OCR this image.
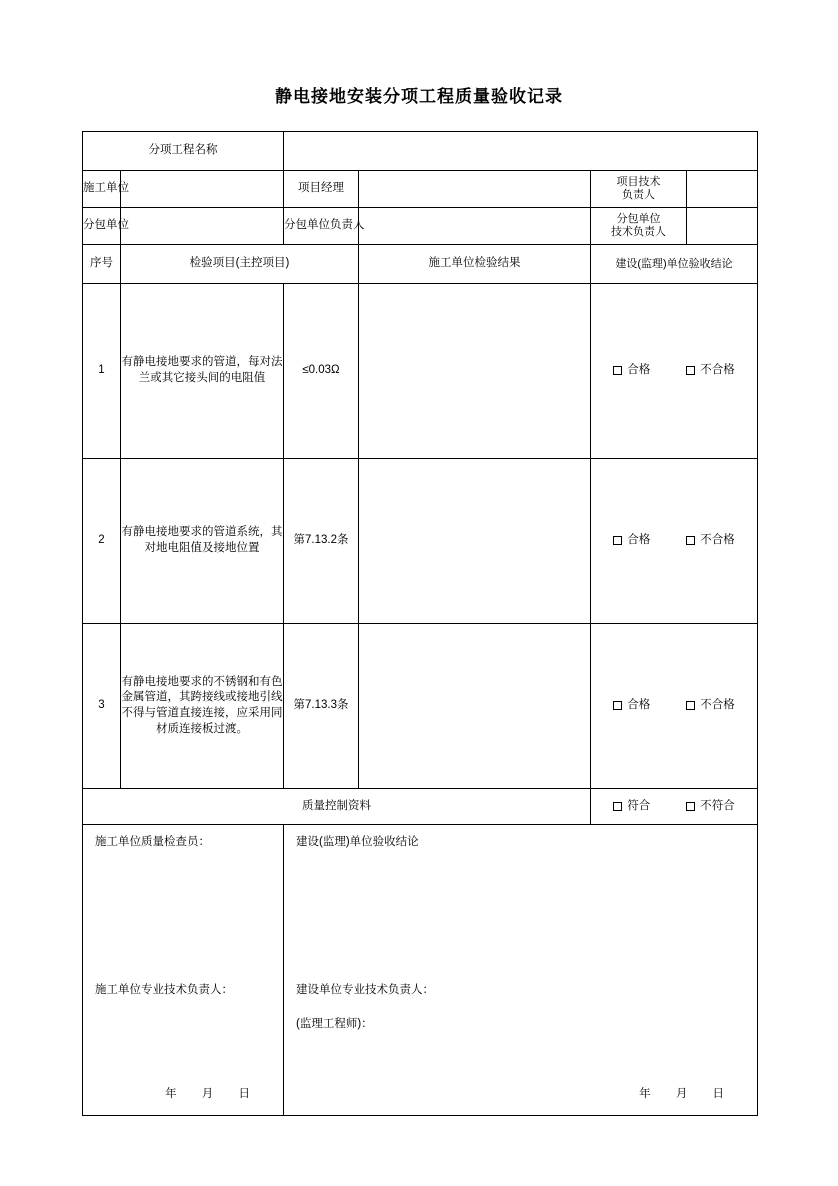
静电接地安装分项工程质量验收记录
分项工程名称				
施工单位		项目经理		项目技术
负责人

分包单位		分包单位负责人		分包单位
技术负责人

序号	检验项目(主控项目)		施工单位检验结果	建设(监理)单位验收结论
1	有静电接地要求的管道，每对法兰或其它接头间的电阻值	≤0.03Ω		合格 不合格

2	有静电接地要求的管道系统，其对地电阻值及接地位置	第7.13.2条		合格 不合格

3	有静电接地要求的不锈钢和有色金属管道，其跨接线或接地引线不得与管道直接连接，应采用同材质连接板过渡。	第7.13.3条		合格 不合格

质量控制资料				符合 不符合

施工单位质量检查员：
施工单位专业技术负责人：
年 月 日

建设(监理)单位验收结论
建设单位专业技术负责人：
(监理工程师)：
年 月 日
